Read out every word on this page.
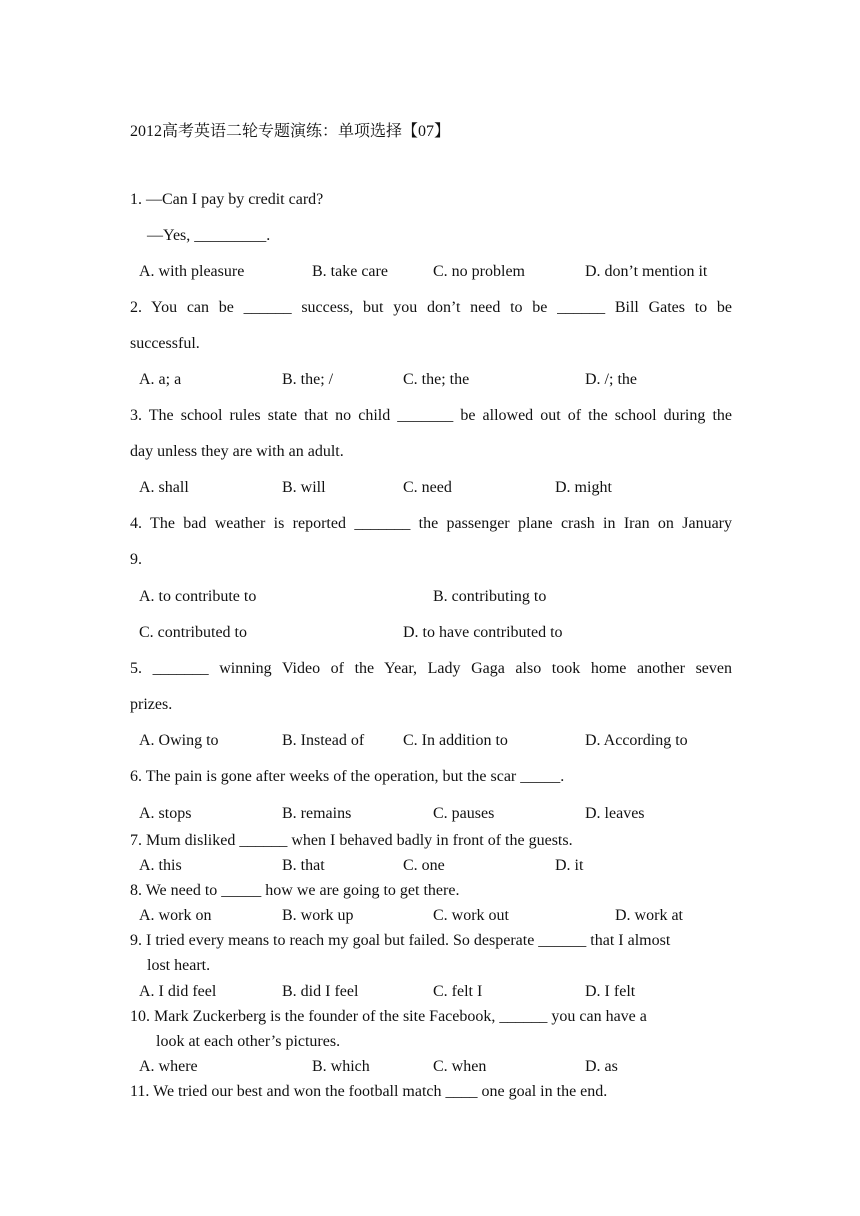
2012高考英语二轮专题演练：单项选择【07】
1. —Can I pay by credit card?
—Yes, _________.
A. with pleasure	B. take care	C. no problem	D. don’t mention it
2. You can be ______ success, but you don’t need to be ______ Bill Gates to be
successful.
A. a; a	B. the; /	C. the; the	D. /; the
3. The school rules state that no child _______ be allowed out of the school during the
day unless they are with an adult.
A. shall	B. will	C. need	D. might
4. The bad weather is reported _______ the passenger plane crash in Iran on January
9.
A. to contribute to	B. contributing to
C. contributed to	D. to have contributed to
5. _______ winning Video of the Year, Lady Gaga also took home another seven
prizes.
A. Owing to	B. Instead of C. In addition to	D. According to
6. The pain is gone after weeks of the operation, but the scar _____.
A. stops	B. remains	C. pauses	D. leaves
7. Mum disliked ______ when I behaved badly in front of the guests.
A. this	B. that	C. one	D. it
8. We need to _____ how we are going to get there.
A. work on	B. work up	C. work out	D. work at
9. I tried every means to reach my goal but failed. So desperate ______ that I almost
lost heart.
A. I did feel	B. did I feel	C. felt I	D. I felt
10. Mark Zuckerberg is the founder of the site Facebook, ______ you can have a
look at each other’s pictures.
A. where	B. which	C. when	D. as
11. We tried our best and won the football match ____ one goal in the end.
